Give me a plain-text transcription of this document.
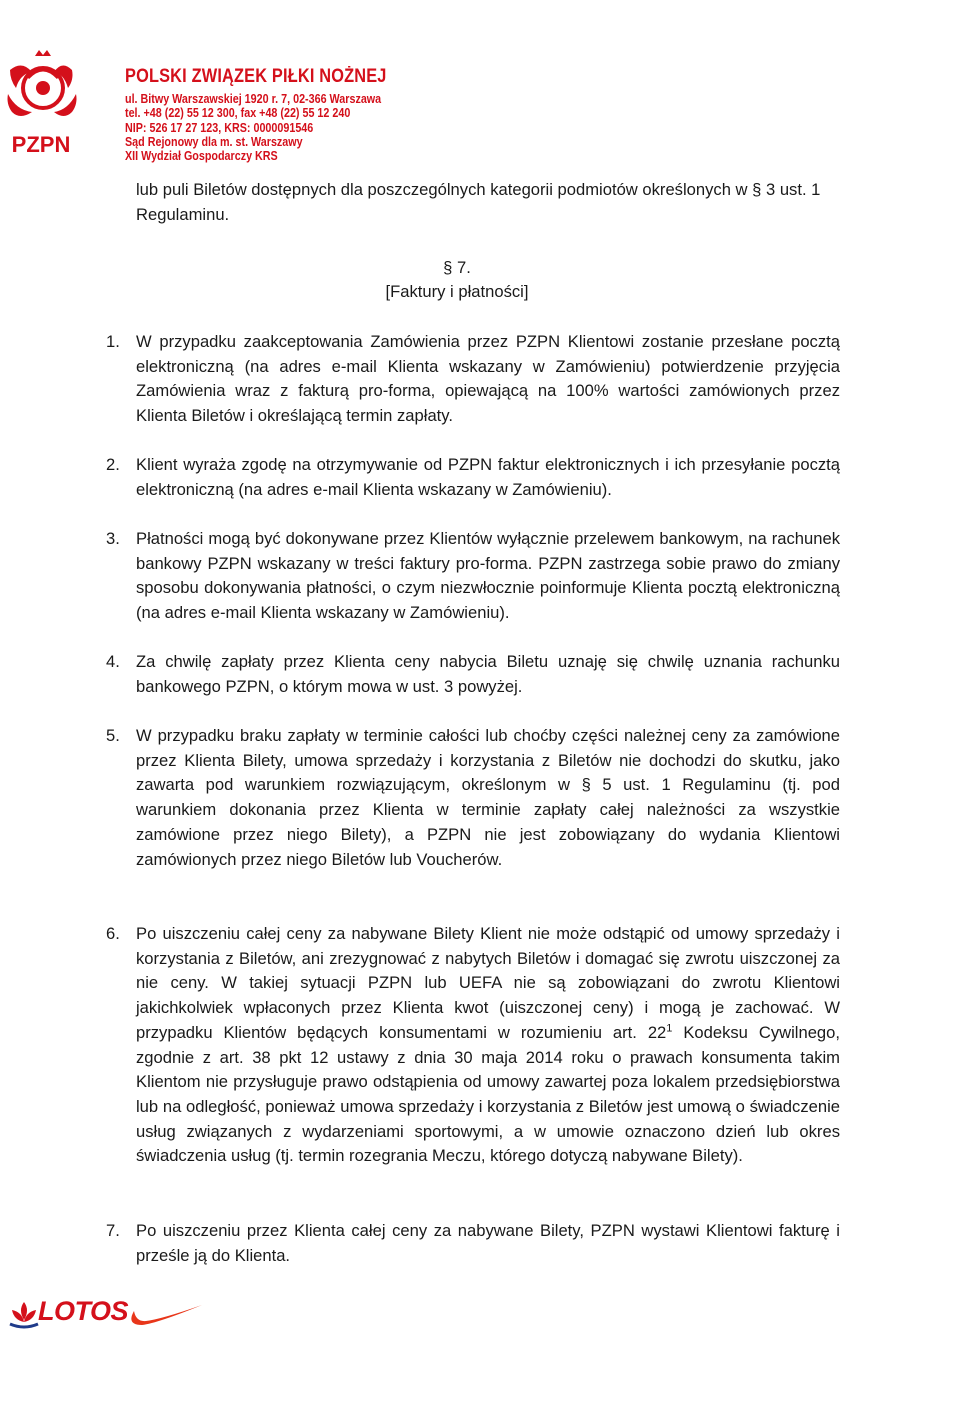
PZPN
POLSKI ZWIĄZEK PIŁKI NOŻNEJ
ul. Bitwy Warszawskiej 1920 r. 7, 02-366 Warszawa
tel. +48 (22) 55 12 300, fax +48 (22) 55 12 240
NIP: 526 17 27 123, KRS: 0000091546
Sąd Rejonowy dla m. st. Warszawy
XII Wydział Gospodarczy KRS
lub puli Biletów dostępnych dla poszczególnych kategorii podmiotów określonych w § 3 ust. 1 Regulaminu.
§ 7.
[Faktury i płatności]
1. W przypadku zaakceptowania Zamówienia przez PZPN Klientowi zostanie przesłane pocztą elektroniczną (na adres e-mail Klienta wskazany w Zamówieniu) potwierdzenie przyjęcia Zamówienia wraz z fakturą pro-forma, opiewającą na 100% wartości zamówionych przez Klienta Biletów i określającą termin zapłaty.
2. Klient wyraża zgodę na otrzymywanie od PZPN faktur elektronicznych i ich przesyłanie pocztą elektroniczną (na adres e-mail Klienta wskazany w Zamówieniu).
3. Płatności mogą być dokonywane przez Klientów wyłącznie przelewem bankowym, na rachunek bankowy PZPN wskazany w treści faktury pro-forma. PZPN zastrzega sobie prawo do zmiany sposobu dokonywania płatności, o czym niezwłocznie poinformuje Klienta pocztą elektroniczną (na adres e-mail Klienta wskazany w Zamówieniu).
4. Za chwilę zapłaty przez Klienta ceny nabycia Biletu uznaję się chwilę uznania rachunku bankowego PZPN, o którym mowa w ust. 3 powyżej.
5. W przypadku braku zapłaty w terminie całości lub choćby części należnej ceny za zamówione przez Klienta Bilety, umowa sprzedaży i korzystania z Biletów nie dochodzi do skutku, jako zawarta pod warunkiem rozwiązującym, określonym w § 5 ust. 1 Regulaminu (tj. pod warunkiem dokonania przez Klienta w terminie zapłaty całej należności za wszystkie zamówione przez niego Bilety), a PZPN nie jest zobowiązany do wydania Klientowi zamówionych przez niego Biletów lub Voucherów.
6. Po uiszczeniu całej ceny za nabywane Bilety Klient nie może odstąpić od umowy sprzedaży i korzystania z Biletów, ani zrezygnować z nabytych Biletów i domagać się zwrotu uiszczonej za nie ceny. W takiej sytuacji PZPN lub UEFA nie są zobowiązani do zwrotu Klientowi jakichkolwiek wpłaconych przez Klienta kwot (uiszczonej ceny) i mogą je zachować. W przypadku Klientów będących konsumentami w rozumieniu art. $22^1$ Kodeksu Cywilnego, zgodnie z art. 38 pkt 12 ustawy z dnia 30 maja 2014 roku o prawach konsumenta takim Klientom nie przysługuje prawo odstąpienia od umowy zawartej poza lokalem przedsiębiorstwa lub na odległość, ponieważ umowa sprzedaży i korzystania z Biletów jest umową o świadczenie usług związanych z wydarzeniami sportowymi, a w umowie oznaczono dzień lub okres świadczenia usług (tj. termin rozegrania Meczu, którego dotyczą nabywane Bilety).
7. Po uiszczeniu przez Klienta całej ceny za nabywane Bilety, PZPN wystawi Klientowi fakturę i prześle ją do Klienta.
LOTOS
